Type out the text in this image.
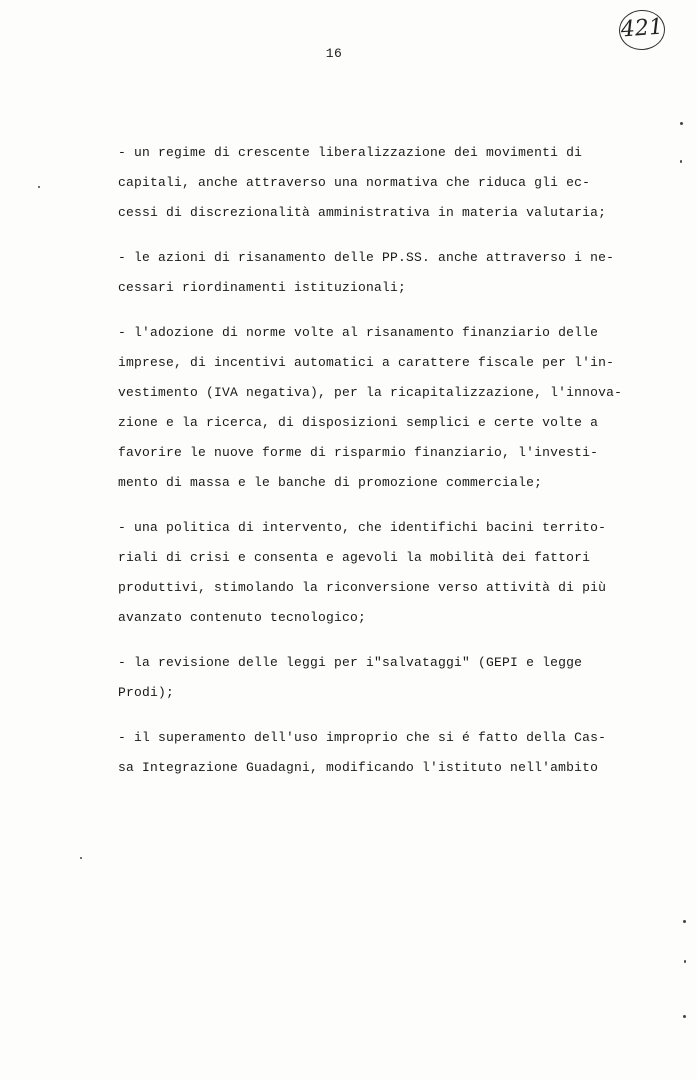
421
16
- un regime di crescente liberalizzazione dei movimenti di
capitali, anche attraverso una normativa che riduca gli ec-
cessi di discrezionalità amministrativa in materia valutaria;
- le azioni di risanamento delle PP.SS. anche attraverso i ne-
cessari riordinamenti istituzionali;
- l'adozione di norme volte al risanamento finanziario delle
imprese, di incentivi automatici a carattere fiscale per l'in-
vestimento (IVA negativa), per la ricapitalizzazione, l'innova-
zione e la ricerca, di disposizioni semplici e certe volte a
favorire le nuove forme di risparmio finanziario, l'investi-
mento di massa e le banche di promozione commerciale;
- una politica di intervento, che identifichi bacini territo-
riali di crisi e consenta e agevoli la mobilità dei fattori
produttivi, stimolando la riconversione verso attività di più
avanzato contenuto tecnologico;
- la revisione delle leggi per i"salvataggi" (GEPI e legge
Prodi);
- il superamento dell'uso improprio che si é fatto della Cas-
sa Integrazione Guadagni, modificando l'istituto nell'ambito
